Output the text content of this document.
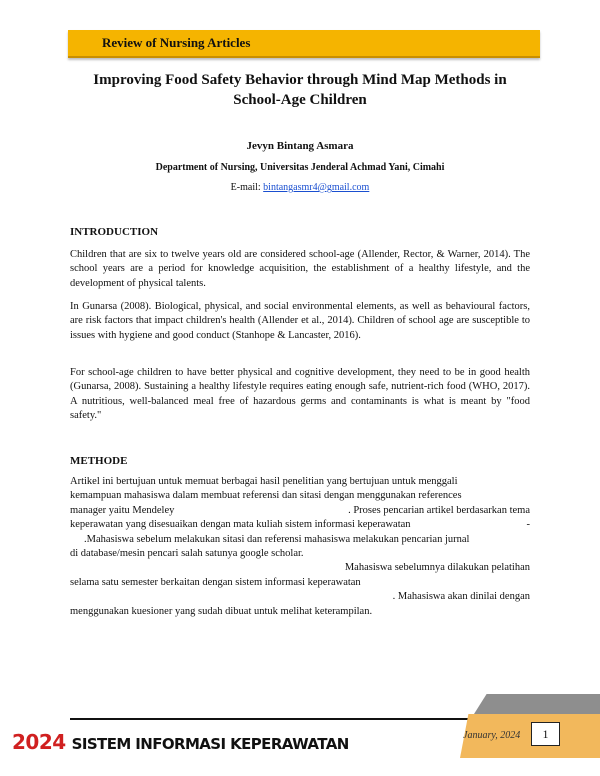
Review of Nursing Articles
Improving Food Safety Behavior through Mind Map Methods in
School-Age Children
Jevyn Bintang Asmara
Department of Nursing, Universitas Jenderal Achmad Yani, Cimahi
E-mail: bintangasmr4@gmail.com
INTRODUCTION
Children that are six to twelve years old are considered school-age (Allender, Rector, & Warner, 2014). The school years are a period for knowledge acquisition, the establishment of a healthy lifestyle, and the development of physical talents.
In Gunarsa (2008). Biological, physical, and social environmental elements, as well as behavioural factors, are risk factors that impact children's health (Allender et al., 2014). Children of school age are susceptible to issues with hygiene and good conduct (Stanhope & Lancaster, 2016).
For school-age children to have better physical and cognitive development, they need to be in good health (Gunarsa, 2008). Sustaining a healthy lifestyle requires eating enough safe, nutrient-rich food (WHO, 2017). A nutritious, well-balanced meal free of hazardous germs and contaminants is what is meant by "food safety."
METHODE
Artikel ini bertujuan untuk memuat berbagai hasil penelitian yang bertujuan untuk menggali
kemampuan mahasiswa dalam membuat referensi dan sitasi dengan menggunakan references
manager yaitu Mendeley	. Proses pencarian artikel berdasarkan tema
keperawatan yang disesuaikan dengan mata kuliah sistem informasi keperawatan	-
.Mahasiswa sebelum melakukan sitasi dan referensi mahasiswa melakukan pencarian jurnal
di database/mesin pencari salah satunya google scholar.
Mahasiswa sebelumnya dilakukan pelatihan
selama satu semester berkaitan dengan sistem informasi keperawatan
. Mahasiswa akan dinilai dengan
menggunakan kuesioner yang sudah dibuat untuk melihat keterampilan.
January, 2024	1
2024 SISTEM INFORMASI KEPERAWATAN
